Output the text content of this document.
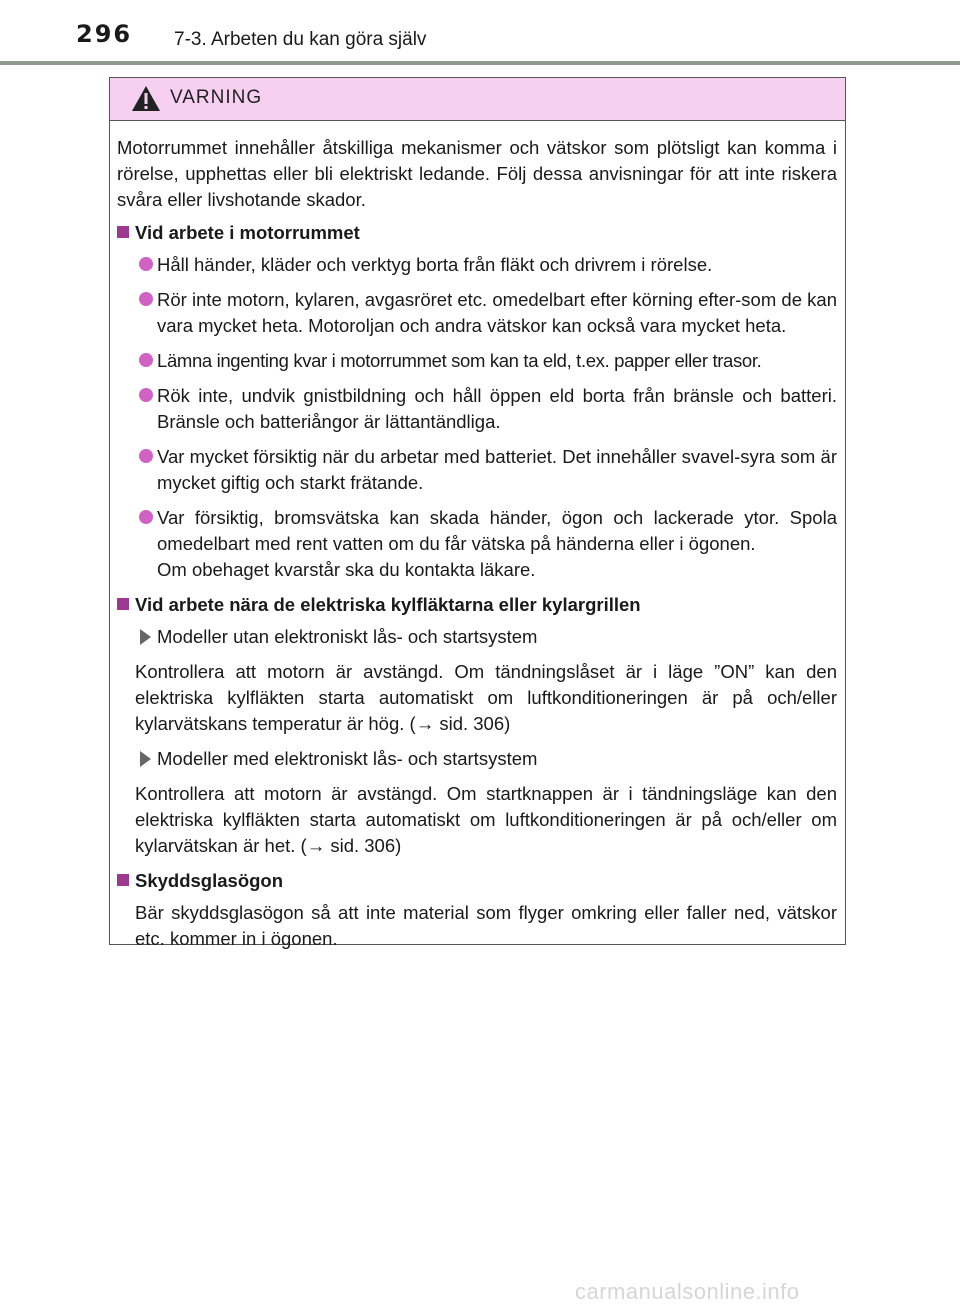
296 7-3. Arbeten du kan göra själv
VARNING

Motorrummet innehåller åtskilliga mekanismer och vätskor som plötsligt kan komma i rörelse, upphettas eller bli elektriskt ledande. Följ dessa anvisningar för att inte riskera svåra eller livshotande skador.

Vid arbete i motorrummet
Håll händer, kläder och verktyg borta från fläkt och drivrem i rörelse.
Rör inte motorn, kylaren, avgasröret etc. omedelbart efter körning efter-som de kan vara mycket heta. Motoroljan och andra vätskor kan också vara mycket heta.
Lämna ingenting kvar i motorrummet som kan ta eld, t.ex. papper eller trasor.
Rök inte, undvik gnistbildning och håll öppen eld borta från bränsle och batteri. Bränsle och batteriångor är lättantändliga.
Var mycket försiktig när du arbetar med batteriet. Det innehåller svavel-syra som är mycket giftig och starkt frätande.
Var försiktig, bromsvätska kan skada händer, ögon och lackerade ytor. Spola omedelbart med rent vatten om du får vätska på händerna eller i ögonen.
Om obehaget kvarstår ska du kontakta läkare.
Vid arbete nära de elektriska kylfläktarna eller kylargrillen
Modeller utan elektroniskt lås- och startsystem

Kontrollera att motorn är avstängd. Om tändningslåset är i läge ”ON” kan den elektriska kylfläkten starta automatiskt om luftkonditioneringen är på och/eller kylarvätskans temperatur är hög. (→ sid. 306)

Modeller med elektroniskt lås- och startsystem

Kontrollera att motorn är avstängd. Om startknappen är i tändningsläge kan den elektriska kylfläkten starta automatiskt om luftkonditioneringen är på och/eller om kylarvätskan är het. (→ sid. 306)

Skyddsglasögon

Bär skyddsglasögon så att inte material som flyger omkring eller faller ned, vätskor etc. kommer in i ögonen.

carmanualsonline.info
